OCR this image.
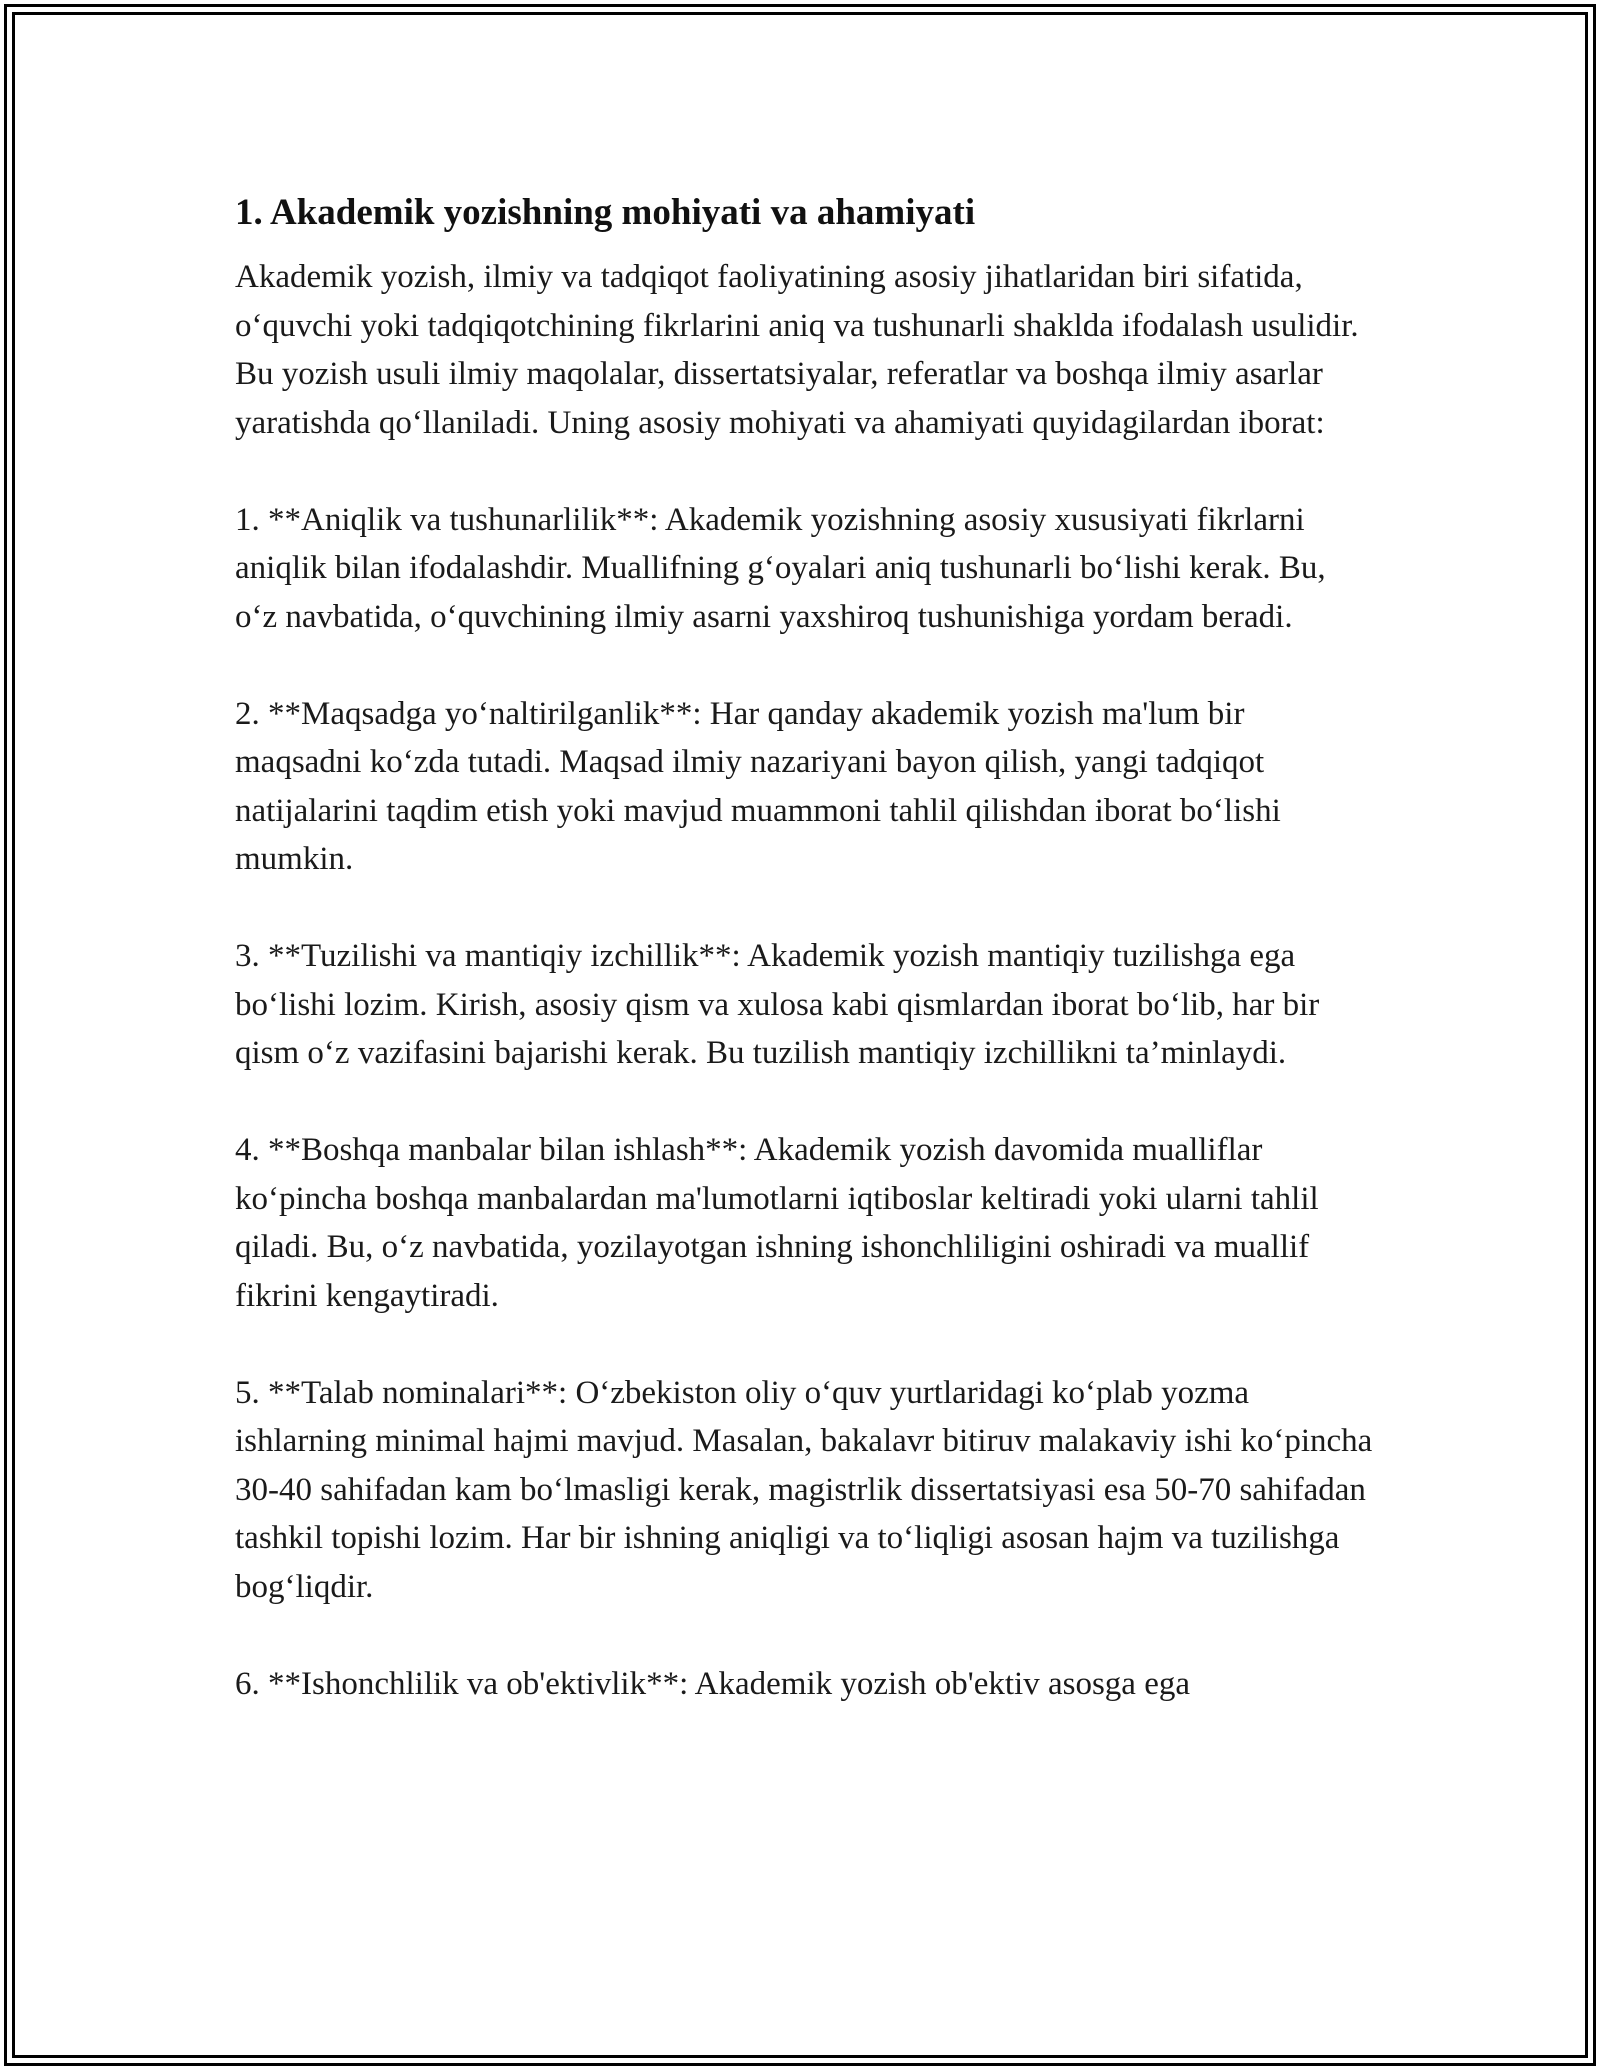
1. Akademik yozishning mohiyati va ahamiyati

Akademik yozish, ilmiy va tadqiqot faoliyatining asosiy jihatlaridan biri sifatida, o‘quvchi yoki tadqiqotchining fikrlarini aniq va tushunarli shaklda ifodalash usulidir. Bu yozish usuli ilmiy maqolalar, dissertatsiyalar, referatlar va boshqa ilmiy asarlar yaratishda qo‘llaniladi. Uning asosiy mohiyati va ahamiyati quyidagilardan iborat:

1. **Aniqlik va tushunarlilik**: Akademik yozishning asosiy xususiyati fikrlarni aniqlik bilan ifodalashdir. Muallifning g‘oyalari aniq tushunarli bo‘lishi kerak. Bu, o‘z navbatida, o‘quvchining ilmiy asarni yaxshiroq tushunishiga yordam beradi.

2. **Maqsadga yo‘naltirilganlik**: Har qanday akademik yozish ma'lum bir maqsadni ko‘zda tutadi. Maqsad ilmiy nazariyani bayon qilish, yangi tadqiqot natijalarini taqdim etish yoki mavjud muammoni tahlil qilishdan iborat bo‘lishi mumkin.

3. **Tuzilishi va mantiqiy izchillik**: Akademik yozish mantiqiy tuzilishga ega bo‘lishi lozim. Kirish, asosiy qism va xulosa kabi qismlardan iborat bo‘lib, har bir qism o‘z vazifasini bajarishi kerak. Bu tuzilish mantiqiy izchillikni ta’minlaydi.

4. **Boshqa manbalar bilan ishlash**: Akademik yozish davomida mualliflar ko‘pincha boshqa manbalardan ma'lumotlarni iqtiboslar keltiradi yoki ularni tahlil qiladi. Bu, o‘z navbatida, yozilayotgan ishning ishonchliligini oshiradi va muallif fikrini kengaytiradi.

5. **Talab nominalari**: O‘zbekiston oliy o‘quv yurtlaridagi ko‘plab yozma ishlarning minimal hajmi mavjud. Masalan, bakalavr bitiruv malakaviy ishi ko‘pincha 30-40 sahifadan kam bo‘lmasligi kerak, magistrlik dissertatsiyasi esa 50-70 sahifadan tashkil topishi lozim. Har bir ishning aniqligi va to‘liqligi asosan hajm va tuzilishga bog‘liqdir.

6. **Ishonchlilik va ob'ektivlik**: Akademik yozish ob'ektiv asosga ega
